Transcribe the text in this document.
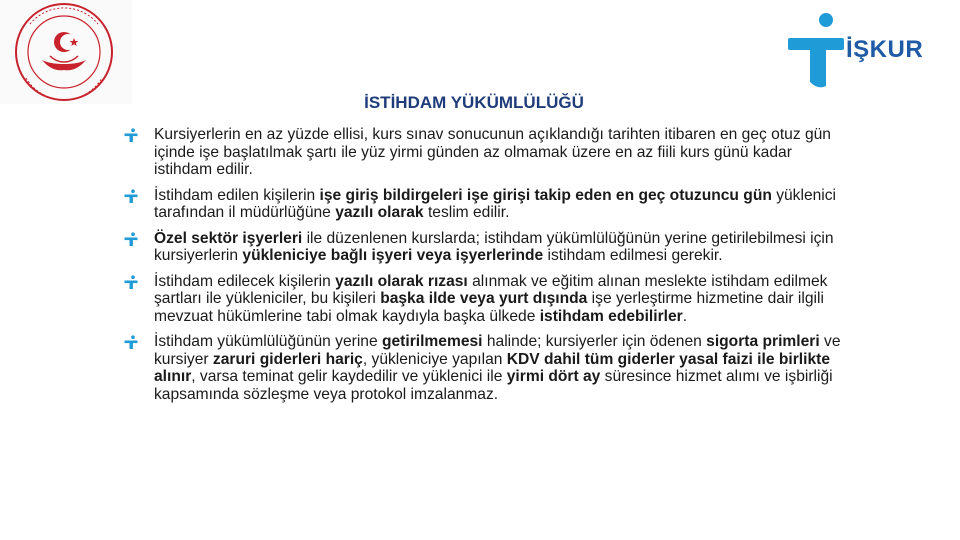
İŞKUR
İSTİHDAM YÜKÜMLÜLÜĞÜ
Kursiyerlerin en az yüzde ellisi, kurs sınav sonucunun açıklandığı tarihten itibaren en geç otuz gün içinde işe başlatılmak şartı ile yüz yirmi günden az olmamak üzere en az fiili kurs günü kadar istihdam edilir.
İstihdam edilen kişilerin işe giriş bildirgeleri işe girişi takip eden en geç otuzuncu gün yüklenici tarafından il müdürlüğüne yazılı olarak teslim edilir.
Özel sektör işyerleri ile düzenlenen kurslarda; istihdam yükümlülüğünün yerine getirilebilmesi için kursiyerlerin yükleniciye bağlı işyeri veya işyerlerinde istihdam edilmesi gerekir.
İstihdam edilecek kişilerin yazılı olarak rızası alınmak ve eğitim alınan meslekte istihdam edilmek şartları ile yükleniciler, bu kişileri başka ilde veya yurt dışında işe yerleştirme hizmetine dair ilgili mevzuat hükümlerine tabi olmak kaydıyla başka ülkede istihdam edebilirler.
İstihdam yükümlülüğünün yerine getirilmemesi halinde; kursiyerler için ödenen sigorta primleri ve kursiyer zaruri giderleri hariç, yükleniciye yapılan KDV dahil tüm giderler yasal faizi ile birlikte alınır, varsa teminat gelir kaydedilir ve yüklenici ile yirmi dört ay süresince hizmet alımı ve işbirliği kapsamında sözleşme veya protokol imzalanmaz.
